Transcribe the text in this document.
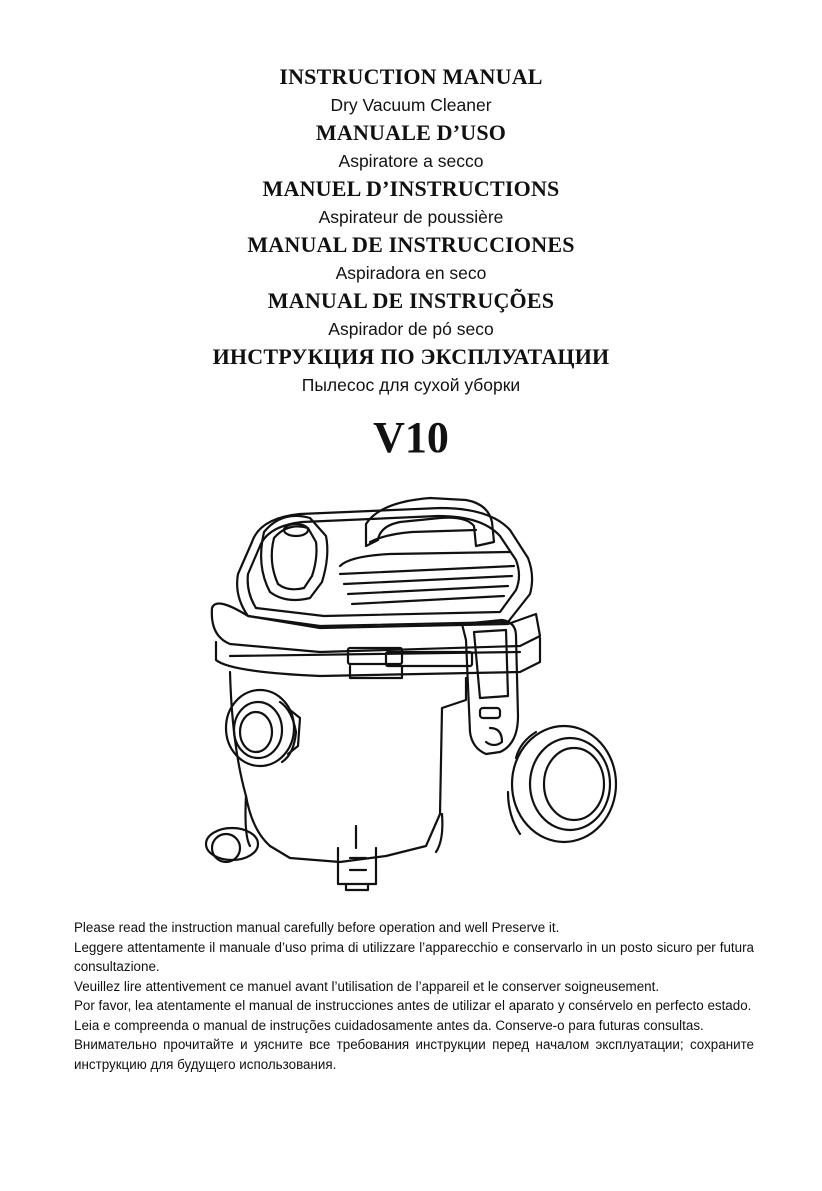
INSTRUCTION MANUAL
Dry Vacuum Cleaner
MANUALE D’USO
Aspiratore a secco
MANUEL D’INSTRUCTIONS
Aspirateur de poussière
MANUAL DE INSTRUCCIONES
Aspiradora en seco
MANUAL DE INSTRUÇÕES
Aspirador de pó seco
ИНСТРУКЦИЯ ПО ЭКСПЛУАТАЦИИ
Пылесос для сухой уборки
V10

Please read the instruction manual carefully before operation and well Preserve it.

Leggere attentamente il manuale d’uso prima di utilizzare l’apparecchio e conservarlo in un posto sicuro per futura consultazione.

Veuillez lire attentivement ce manuel avant l’utilisation de l’appareil et le conserver soigneusement.

Por favor, lea atentamente el manual de instrucciones antes de utilizar el aparato y consérvelo en perfecto estado.

Leia e compreenda o manual de instruções cuidadosamente antes da. Conserve-o para futuras consultas.

Внимательно прочитайте и уясните все требования инструкции перед началом эксплуатации; сохраните инструкцию для будущего использования.
